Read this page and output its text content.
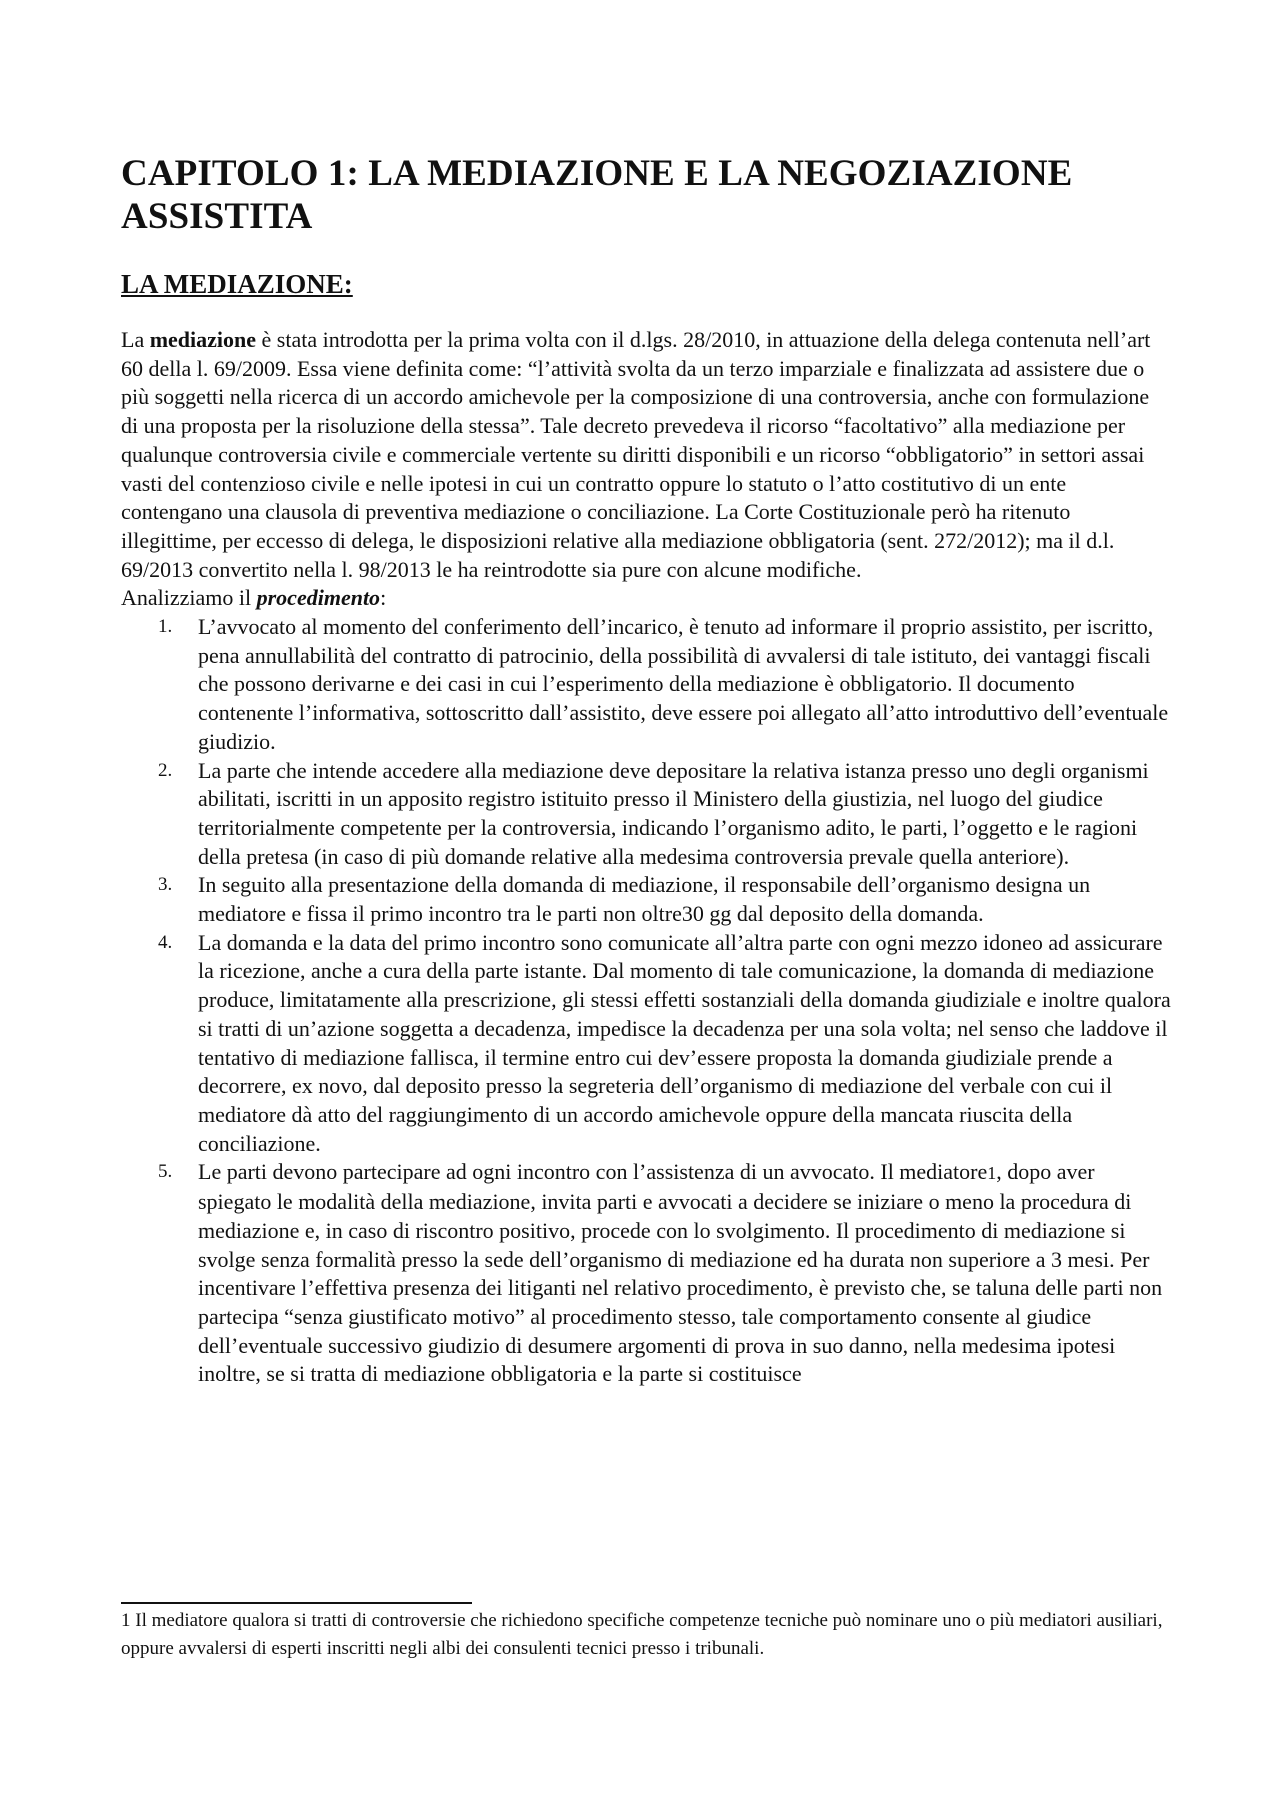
CAPITOLO 1: LA MEDIAZIONE E LA NEGOZIAZIONE ASSISTITA
LA MEDIAZIONE:

La mediazione è stata introdotta per la prima volta con il d.lgs. 28/2010, in attuazione della delega contenuta nell’art 60 della l. 69/2009. Essa viene definita come: “l’attività svolta da un terzo imparziale e finalizzata ad assistere due o più soggetti nella ricerca di un accordo amichevole per la composizione di una controversia, anche con formulazione di una proposta per la risoluzione della stessa”. Tale decreto prevedeva il ricorso “facoltativo” alla mediazione per qualunque controversia civile e commerciale vertente su diritti disponibili e un ricorso “obbligatorio” in settori assai vasti del contenzioso civile e nelle ipotesi in cui un contratto oppure lo statuto o l’atto costitutivo di un ente contengano una clausola di preventiva mediazione o conciliazione. La Corte Costituzionale però ha ritenuto illegittime, per eccesso di delega, le disposizioni relative alla mediazione obbligatoria (sent. 272/2012); ma il d.l. 69/2013 convertito nella l. 98/2013 le ha reintrodotte sia pure con alcune modifiche.

Analizziamo il procedimento:

1. L’avvocato al momento del conferimento dell’incarico, è tenuto ad informare il proprio assistito, per iscritto, pena annullabilità del contratto di patrocinio, della possibilità di avvalersi di tale istituto, dei vantaggi fiscali che possono derivarne e dei casi in cui l’esperimento della mediazione è obbligatorio. Il documento contenente l’informativa, sottoscritto dall’assistito, deve essere poi allegato all’atto introduttivo dell’eventuale giudizio.
2. La parte che intende accedere alla mediazione deve depositare la relativa istanza presso uno degli organismi abilitati, iscritti in un apposito registro istituito presso il Ministero della giustizia, nel luogo del giudice territorialmente competente per la controversia, indicando l’organismo adito, le parti, l’oggetto e le ragioni della pretesa (in caso di più domande relative alla medesima controversia prevale quella anteriore).
3. In seguito alla presentazione della domanda di mediazione, il responsabile dell’organismo designa un mediatore e fissa il primo incontro tra le parti non oltre30 gg dal deposito della domanda.
4. La domanda e la data del primo incontro sono comunicate all’altra parte con ogni mezzo idoneo ad assicurare la ricezione, anche a cura della parte istante. Dal momento di tale comunicazione, la domanda di mediazione produce, limitatamente alla prescrizione, gli stessi effetti sostanziali della domanda giudiziale e inoltre qualora si tratti di un’azione soggetta a decadenza, impedisce la decadenza per una sola volta; nel senso che laddove il tentativo di mediazione fallisca, il termine entro cui dev’essere proposta la domanda giudiziale prende a decorrere, ex novo, dal deposito presso la segreteria dell’organismo di mediazione del verbale con cui il mediatore dà atto del raggiungimento di un accordo amichevole oppure della mancata riuscita della conciliazione.
5. Le parti devono partecipare ad ogni incontro con l’assistenza di un avvocato. Il mediatore1, dopo aver spiegato le modalità della mediazione, invita parti e avvocati a decidere se iniziare o meno la procedura di mediazione e, in caso di riscontro positivo, procede con lo svolgimento. Il procedimento di mediazione si svolge senza formalità presso la sede dell’organismo di mediazione ed ha durata non superiore a 3 mesi. Per incentivare l’effettiva presenza dei litiganti nel relativo procedimento, è previsto che, se taluna delle parti non partecipa “senza giustificato motivo” al procedimento stesso, tale comportamento consente al giudice dell’eventuale successivo giudizio di desumere argomenti di prova in suo danno, nella medesima ipotesi inoltre, se si tratta di mediazione obbligatoria e la parte si costituisce
1 Il mediatore qualora si tratti di controversie che richiedono specifiche competenze tecniche può nominare uno o più mediatori ausiliari, oppure avvalersi di esperti inscritti negli albi dei consulenti tecnici presso i tribunali.
